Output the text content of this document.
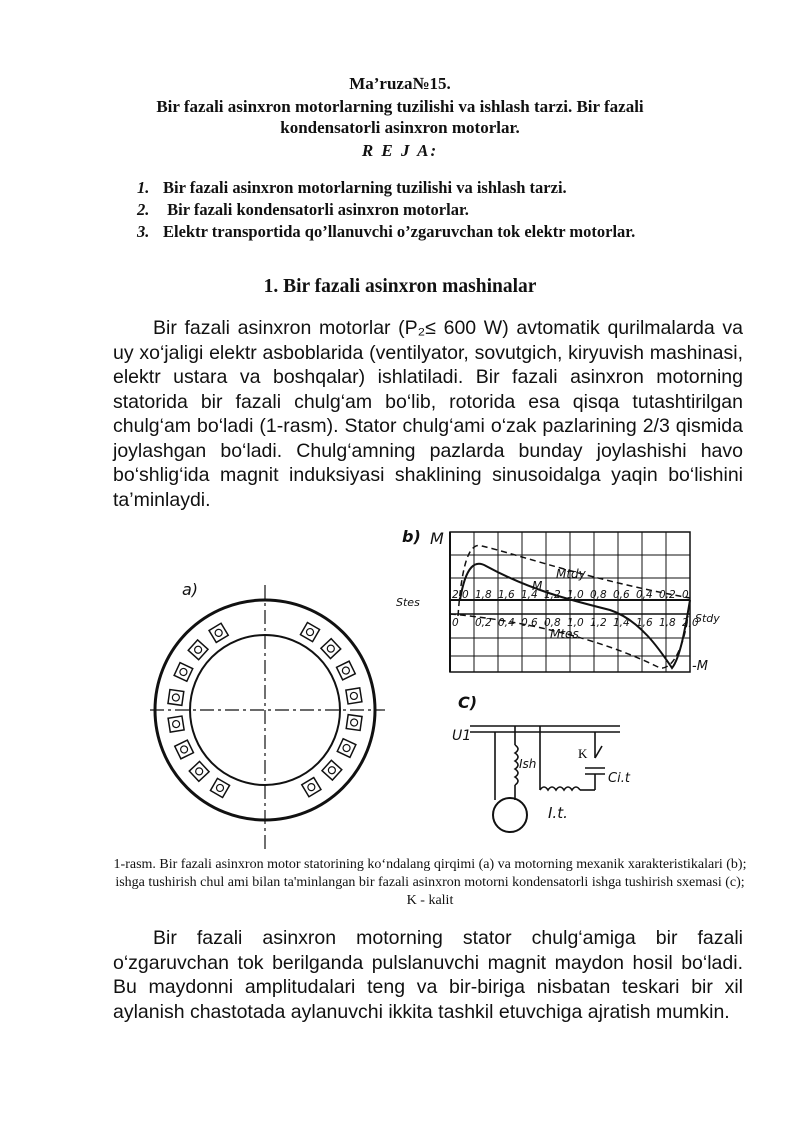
Ma’ruza№15.
Bir fazali asinxron motorlarning tuzilishi va ishlash tarzi. Bir fazali
kondensatorli asinxron motorlar.
R E J A:
1. Bir fazali asinxron motorlarning tuzilishi va ishlash tarzi.
2. Bir fazali kondensatorli asinxron motorlar.
3. Elektr transportida qo’llanuvchi o’zgaruvchan tok elektr motorlar.
1. Bir fazali asinxron mashinalar
Bir fazali asinxron motorlar (P₂≤ 600 W) avtomatik qurilmalarda va uy xo‘jaligi elektr asboblarida (ventilyator, sovutgich, kiryuvish mashinasi, elektr ustara va boshqalar) ishlatiladi. Bir fazali asinxron motorning statorida bir fazali chulg‘am bo‘lib, rotorida esa qisqa tutashtirilgan chulg‘am bo‘ladi (1-rasm). Stator chulg‘ami o‘zak pazlarining 2/3 qismida joylashgan bo‘ladi. Chulg‘amning pazlarda bunday joylashishi havo bo‘shlig‘ida magnit induksiyasi shaklining sinusoidalga yaqin bo‘lishini ta’minlaydi.
a)
b) M
Mtdy
M
Mtes
Stes
Stdy
-M
2,0 1,8 1,6 1,4 1,2 1,0 0,8 0,6 0,4 0,2 0
0 0,2 0,4 0,6 0,8 1,0 1,2 1,4 1,6 1,8 2,0
C)
U1
Ish
K
Ci.t
I.t.
1-rasm. Bir fazali asinxron motor statorining ko‘ndalang qirqimi (a) va motorning mexanik xarakteristikalari (b); ishga tushirish chul ami bilan ta'minlangan bir fazali asinxron motorni kondensatorli ishga tushirish sxemasi (c); K - kalit
Bir fazali asinxron motorning stator chulg‘amiga bir fazali o‘zgaruvchan tok berilganda pulslanuvchi magnit maydon hosil bo‘ladi. Bu maydonni amplitudalari teng va bir-biriga nisbatan teskari bir xil aylanish chastotada aylanuvchi ikkita tashkil etuvchiga ajratish mumkin.
